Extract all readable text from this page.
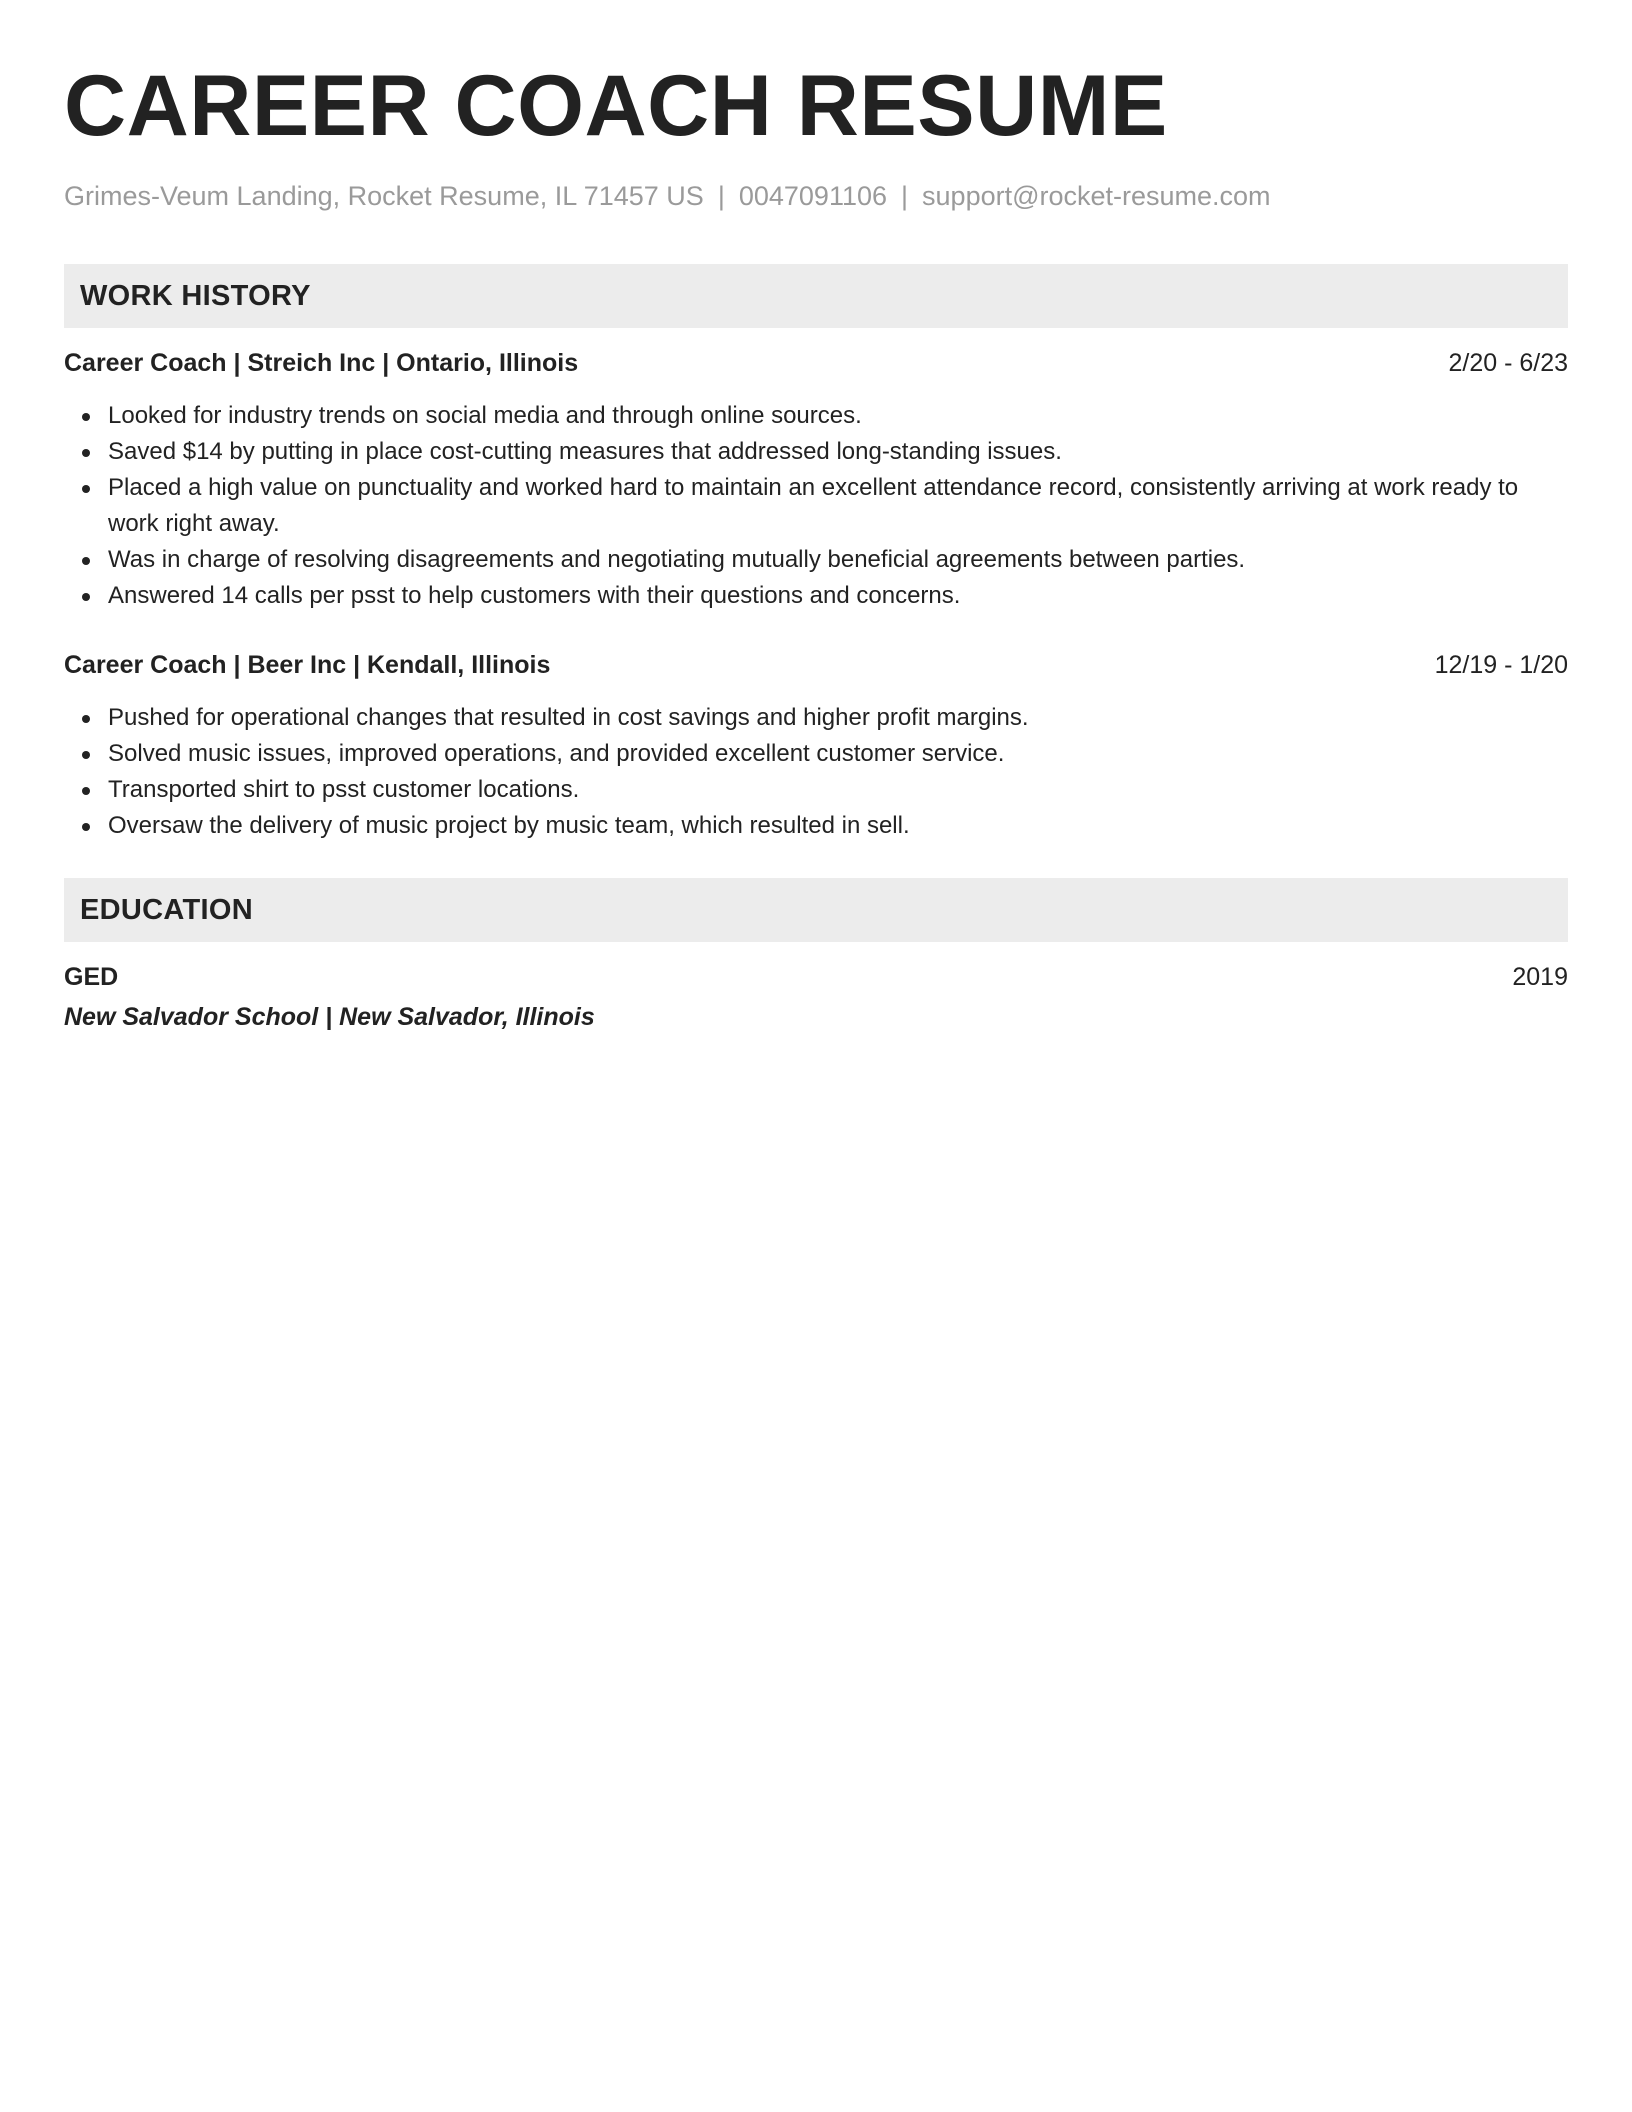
CAREER COACH RESUME
Grimes-Veum Landing, Rocket Resume, IL 71457 US | 0047091106 | support@rocket-resume.com
WORK HISTORY
Career Coach | Streich Inc | Ontario, Illinois	2/20 - 6/23
Looked for industry trends on social media and through online sources.
Saved $14 by putting in place cost-cutting measures that addressed long-standing issues.
Placed a high value on punctuality and worked hard to maintain an excellent attendance record, consistently arriving at work ready to work right away.
Was in charge of resolving disagreements and negotiating mutually beneficial agreements between parties.
Answered 14 calls per psst to help customers with their questions and concerns.
Career Coach | Beer Inc | Kendall, Illinois	12/19 - 1/20
Pushed for operational changes that resulted in cost savings and higher profit margins.
Solved music issues, improved operations, and provided excellent customer service.
Transported shirt to psst customer locations.
Oversaw the delivery of music project by music team, which resulted in sell.
EDUCATION
GED	2019
New Salvador School | New Salvador, Illinois
